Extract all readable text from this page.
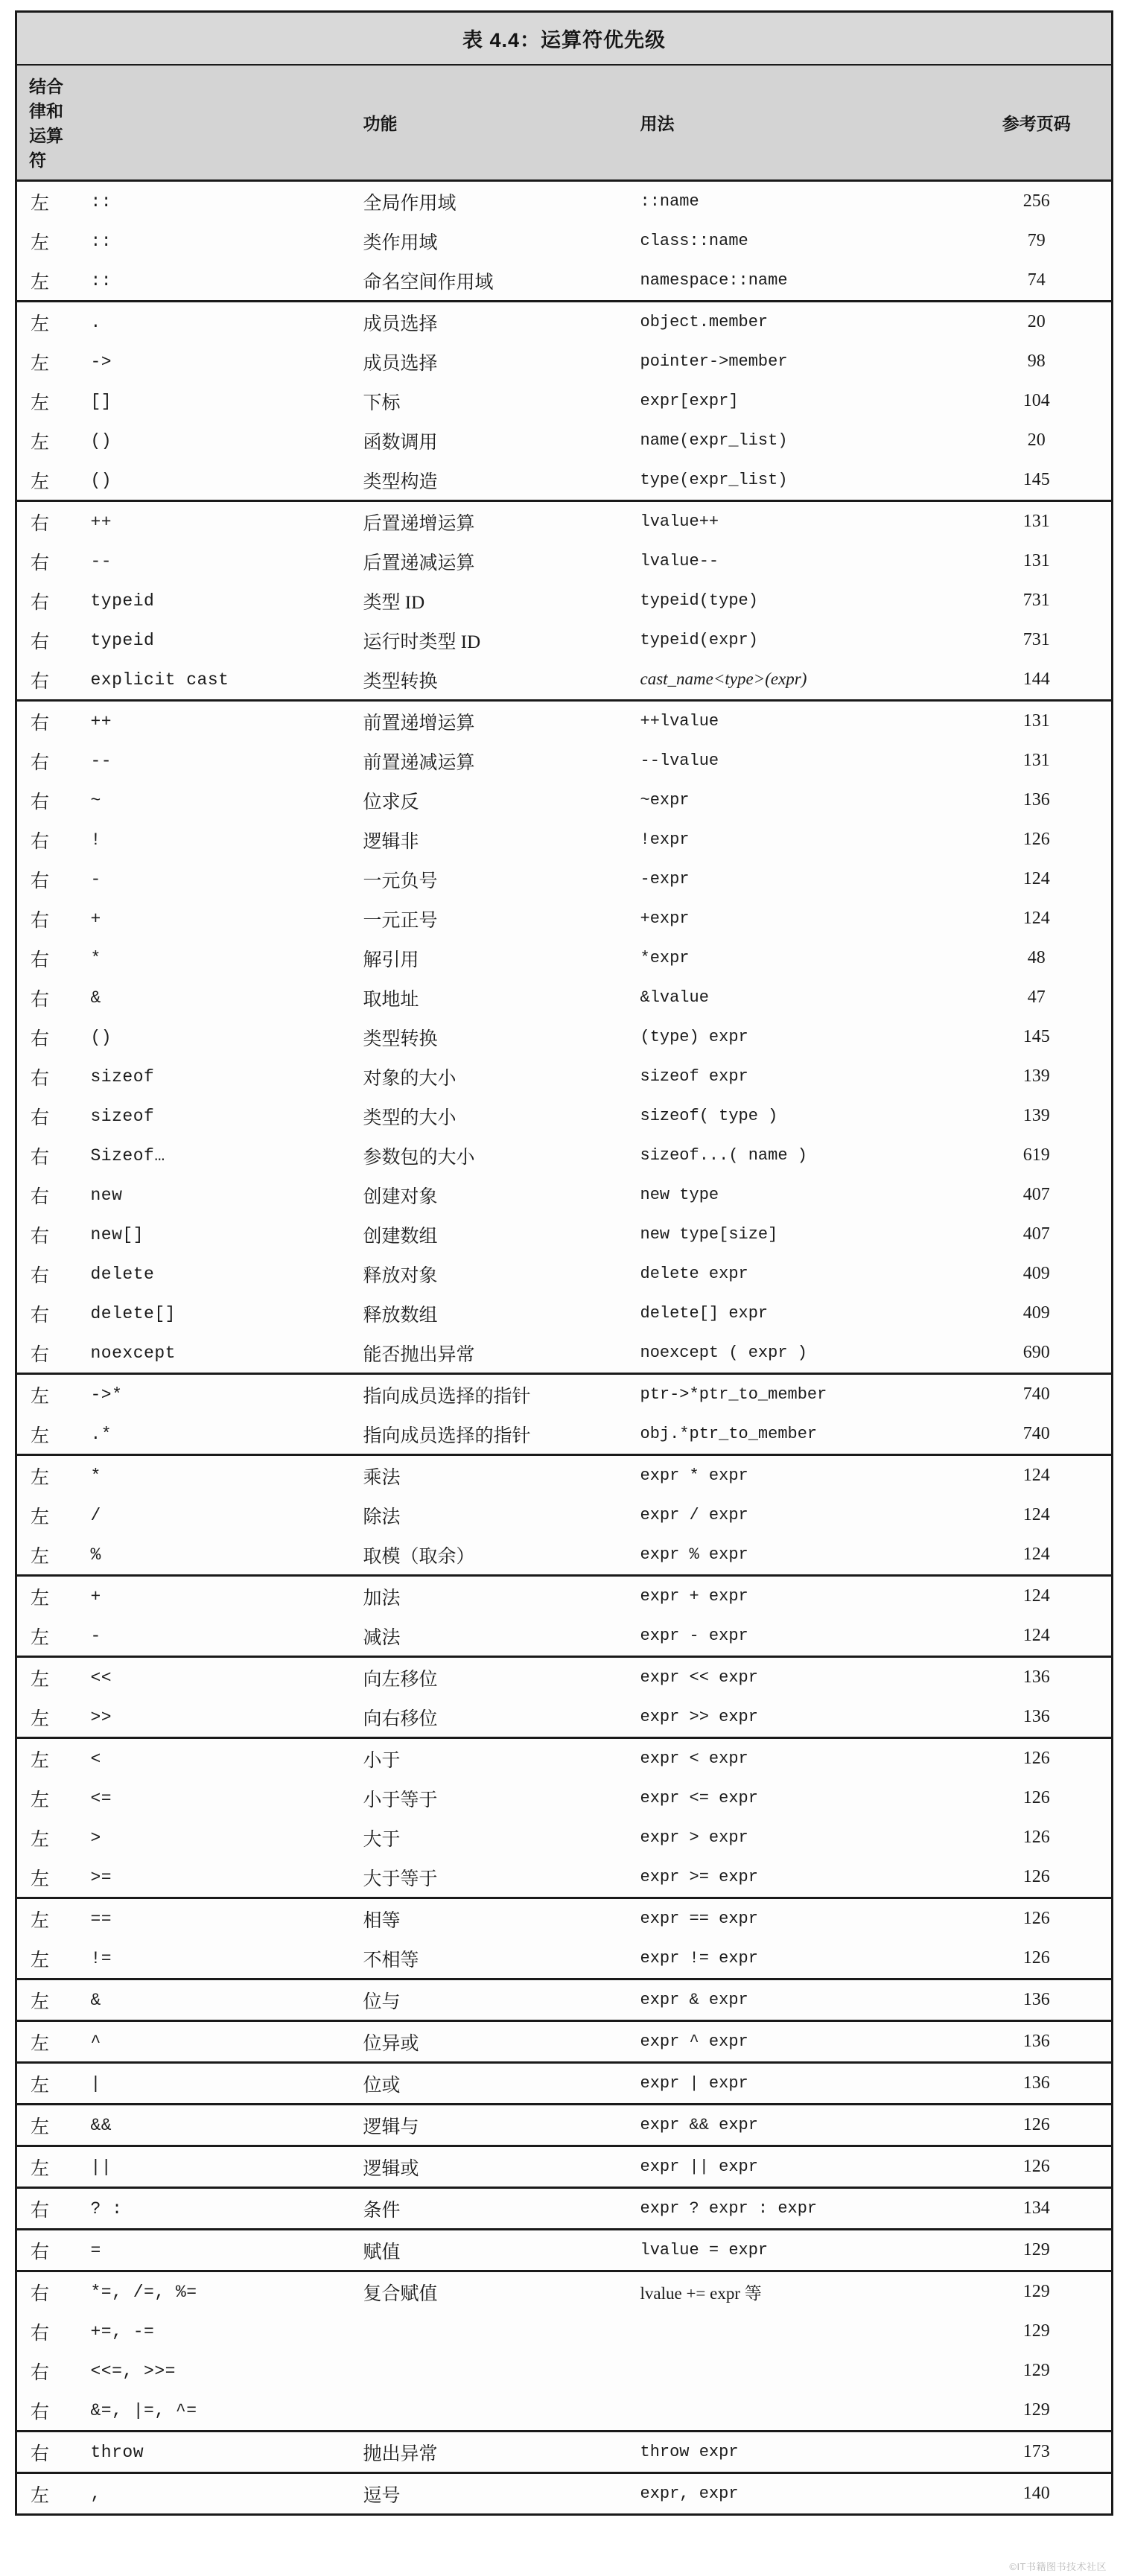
表 4.4：运算符优先级				
结合律和运算符		功能	用法	参考页码
左	::	全局作用域	::name	256
左	::	类作用域	class::name	79
左	::	命名空间作用域	namespace::name	74
左	.	成员选择	object.member	20
左	->	成员选择	pointer->member	98
左	[]	下标	expr[expr]	104
左	()	函数调用	name(expr_list)	20
左	()	类型构造	type(expr_list)	145
右	++	后置递增运算	lvalue++	131
右	--	后置递减运算	lvalue--	131
右	typeid	类型 ID	typeid(type)	731
右	typeid	运行时类型 ID	typeid(expr)	731
右	explicit cast	类型转换	cast_name<type>(expr)	144
右	++	前置递增运算	++lvalue	131
右	--	前置递减运算	--lvalue	131
右	~	位求反	~expr	136
右	!	逻辑非	!expr	126
右	-	一元负号	-expr	124
右	+	一元正号	+expr	124
右	*	解引用	*expr	48
右	&	取地址	&lvalue	47
右	()	类型转换	(type) expr	145
右	sizeof	对象的大小	sizeof expr	139
右	sizeof	类型的大小	sizeof( type )	139
右	Sizeof…	参数包的大小	sizeof...( name )	619
右	new	创建对象	new type	407
右	new[]	创建数组	new type[size]	407
右	delete	释放对象	delete expr	409
右	delete[]	释放数组	delete[] expr	409
右	noexcept	能否抛出异常	noexcept ( expr )	690
左	->*	指向成员选择的指针	ptr->*ptr_to_member	740
左	.*	指向成员选择的指针	obj.*ptr_to_member	740
左	*	乘法	expr * expr	124
左	/	除法	expr / expr	124
左	%	取模（取余）	expr % expr	124
左	+	加法	expr + expr	124
左	-	减法	expr - expr	124
左	<<	向左移位	expr << expr	136
左	>>	向右移位	expr >> expr	136
左	<	小于	expr < expr	126
左	<=	小于等于	expr <= expr	126
左	>	大于	expr > expr	126
左	>=	大于等于	expr >= expr	126
左	==	相等	expr == expr	126
左	!=	不相等	expr != expr	126
左	&	位与	expr & expr	136
左	^	位异或	expr ^ expr	136
左	|	位或	expr | expr	136
左	&&	逻辑与	expr && expr	126
左	||	逻辑或	expr || expr	126
右	? :	条件	expr ? expr : expr	134
右	=	赋值	lvalue = expr	129
右	*=, /=, %=	复合赋值	lvalue += expr 等	129
右	+=, -=			129
右	<<=, >>=			129
右	&=, |=, ^=			129
右	throw	抛出异常	throw expr	173
左	,	逗号	expr, expr	140
©IT书籍图书技术社区
